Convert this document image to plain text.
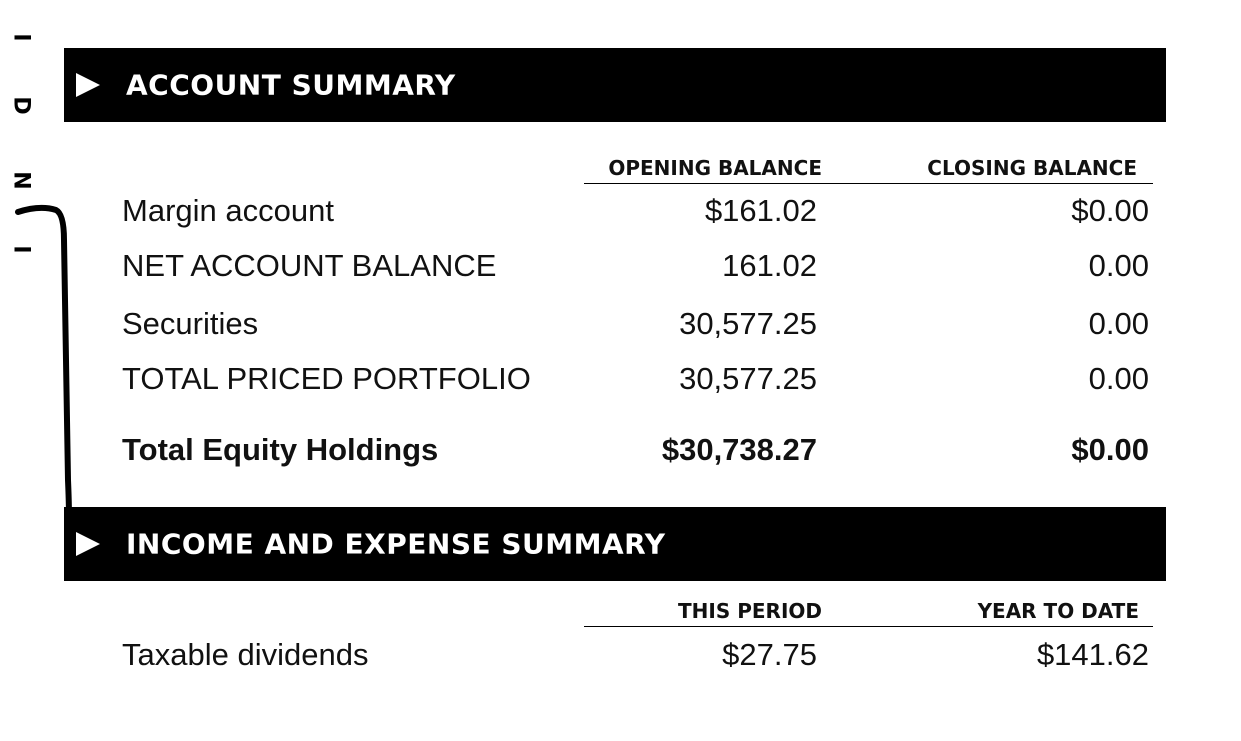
I
D
N
I
ACCOUNT SUMMARY
OPENING BALANCE	CLOSING BALANCE
Margin account	$161.02	$0.00
NET ACCOUNT BALANCE	161.02	0.00
Securities	30,577.25	0.00
TOTAL PRICED PORTFOLIO	30,577.25	0.00
Total Equity Holdings	$30,738.27	$0.00
INCOME AND EXPENSE SUMMARY
THIS PERIOD	YEAR TO DATE
Taxable dividends	$27.75	$141.62
